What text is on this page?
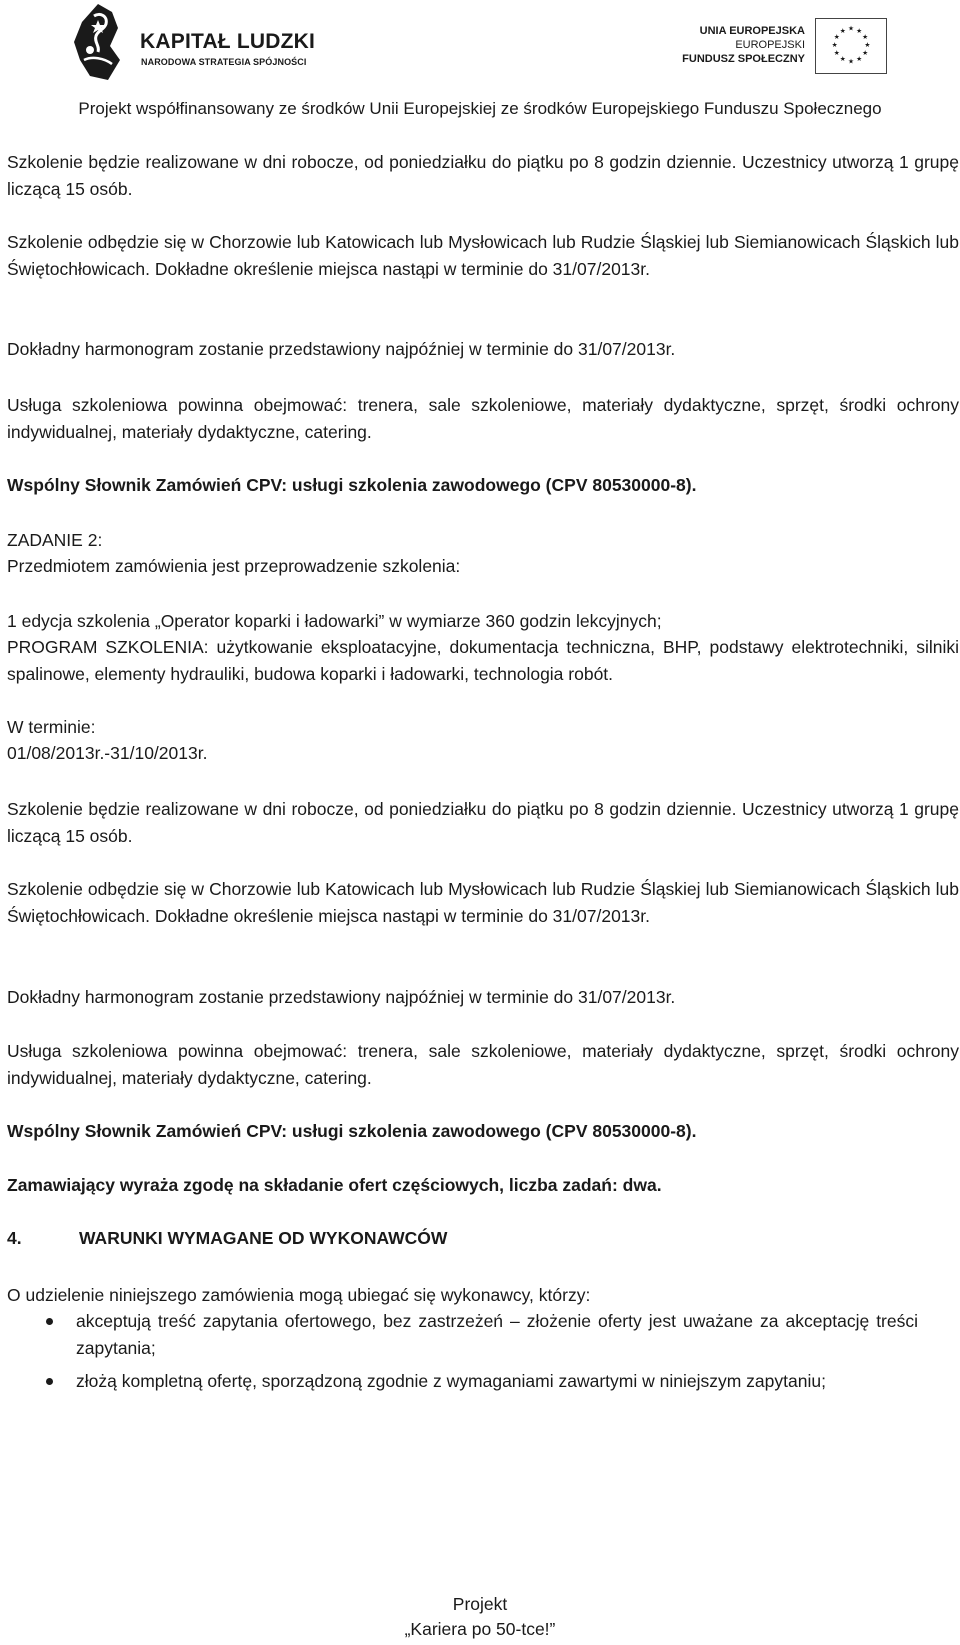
KAPITAŁ LUDZKI
NARODOWA STRATEGIA SPÓJNOŚCI
UNIA EUROPEJSKA
EUROPEJSKI
FUNDUSZ SPOŁECZNY
★ ★
★
★
★
★
★
★
★
★
★
★
Projekt współfinansowany ze środków Unii Europejskiej ze środków Europejskiego Funduszu Społecznego

Szkolenie będzie realizowane w dni robocze, od poniedziałku do piątku po 8 godzin dziennie. Uczestnicy utworzą 1 grupę liczącą 15 osób.

Szkolenie odbędzie się w Chorzowie lub Katowicach lub Mysłowicach lub Rudzie Śląskiej lub Siemianowicach Śląskich lub Świętochłowicach. Dokładne określenie miejsca nastąpi w terminie do 31/07/2013r.

Dokładny harmonogram zostanie przedstawiony najpóźniej w terminie do 31/07/2013r.

Usługa szkoleniowa powinna obejmować: trenera, sale szkoleniowe, materiały dydaktyczne, sprzęt, środki ochrony indywidualnej, materiały dydaktyczne, catering.

Wspólny Słownik Zamówień CPV: usługi szkolenia zawodowego (CPV 80530000-8).

ZADANIE 2:

Przedmiotem zamówienia jest przeprowadzenie szkolenia:

1 edycja szkolenia „Operator koparki i ładowarki” w wymiarze 360 godzin lekcyjnych;

PROGRAM SZKOLENIA: użytkowanie eksploatacyjne, dokumentacja techniczna, BHP, podstawy elektrotechniki, silniki spalinowe, elementy hydrauliki, budowa koparki i ładowarki, technologia robót.

W terminie:

01/08/2013r.-31/10/2013r.

Szkolenie będzie realizowane w dni robocze, od poniedziałku do piątku po 8 godzin dziennie. Uczestnicy utworzą 1 grupę liczącą 15 osób.

Szkolenie odbędzie się w Chorzowie lub Katowicach lub Mysłowicach lub Rudzie Śląskiej lub Siemianowicach Śląskich lub Świętochłowicach. Dokładne określenie miejsca nastąpi w terminie do 31/07/2013r.

Dokładny harmonogram zostanie przedstawiony najpóźniej w terminie do 31/07/2013r.

Usługa szkoleniowa powinna obejmować: trenera, sale szkoleniowe, materiały dydaktyczne, sprzęt, środki ochrony indywidualnej, materiały dydaktyczne, catering.

Wspólny Słownik Zamówień CPV: usługi szkolenia zawodowego (CPV 80530000-8).

Zamawiający wyraża zgodę na składanie ofert częściowych, liczba zadań: dwa.

4.	WARUNKI WYMAGANE OD WYKONAWCÓW

O udzielenie niniejszego zamówienia mogą ubiegać się wykonawcy, którzy:

akceptują treść zapytania ofertowego, bez zastrzeżeń – złożenie oferty jest uważane za akceptację treści zapytania;
złożą kompletną ofertę, sporządzoną zgodnie z wymaganiami zawartymi w niniejszym zapytaniu;
Projekt
„Kariera po 50-tce!”
